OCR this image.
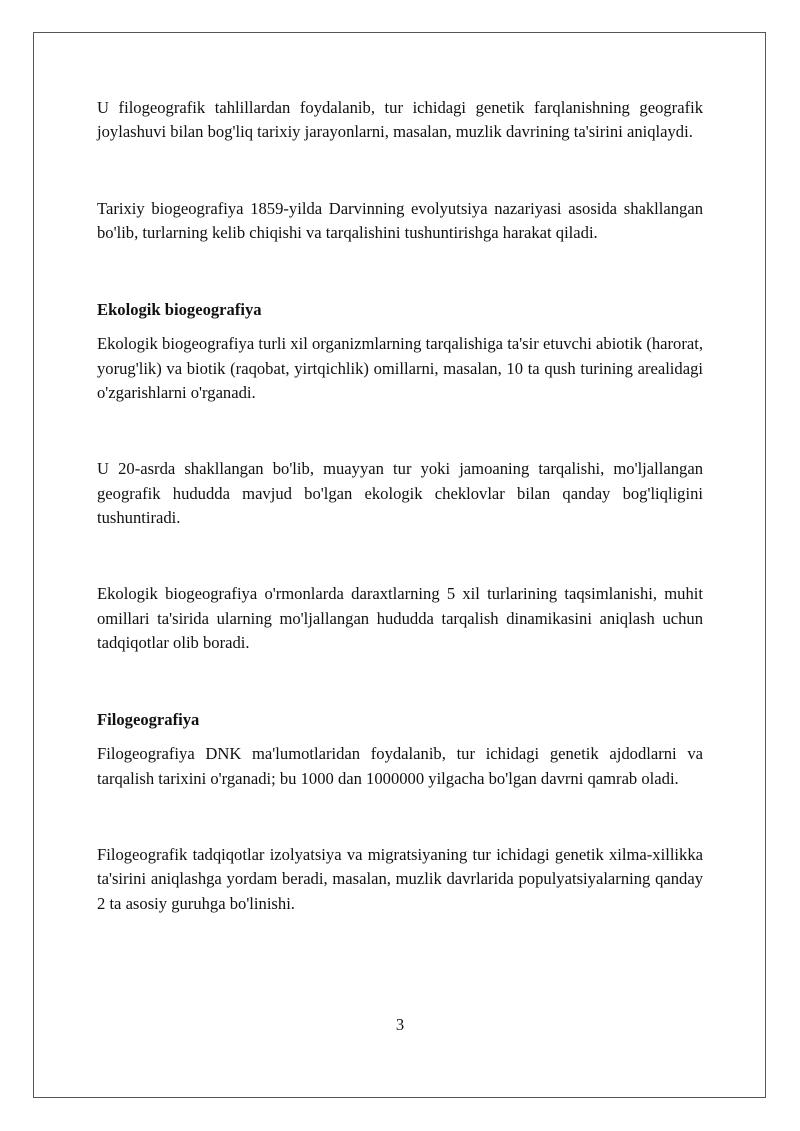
U filogeografik tahlillardan foydalanib, tur ichidagi genetik farqlanishning geografik joylashuvi bilan bog'liq tarixiy jarayonlarni, masalan, muzlik davrining ta'sirini aniqlaydi.

Tarixiy biogeografiya 1859-yilda Darvinning evolyutsiya nazariyasi asosida shakllangan bo'lib, turlarning kelib chiqishi va tarqalishini tushuntirishga harakat qiladi.

Ekologik biogeografiya

Ekologik biogeografiya turli xil organizmlarning tarqalishiga ta'sir etuvchi abiotik (harorat, yorug'lik) va biotik (raqobat, yirtqichlik) omillarni, masalan, 10 ta qush turining arealidagi o'zgarishlarni o'rganadi.

U 20-asrda shakllangan bo'lib, muayyan tur yoki jamoaning tarqalishi, mo'ljallangan geografik hududda mavjud bo'lgan ekologik cheklovlar bilan qanday bog'liqligini tushuntiradi.

Ekologik biogeografiya o'rmonlarda daraxtlarning 5 xil turlarining taqsimlanishi, muhit omillari ta'sirida ularning mo'ljallangan hududda tarqalish dinamikasini aniqlash uchun tadqiqotlar olib boradi.

Filogeografiya

Filogeografiya DNK ma'lumotlaridan foydalanib, tur ichidagi genetik ajdodlarni va tarqalish tarixini o'rganadi; bu 1000 dan 1000000 yilgacha bo'lgan davrni qamrab oladi.

Filogeografik tadqiqotlar izolyatsiya va migratsiyaning tur ichidagi genetik xilma-xillikka ta'sirini aniqlashga yordam beradi, masalan, muzlik davrlarida populyatsiyalarning qanday 2 ta asosiy guruhga bo'linishi.

3
